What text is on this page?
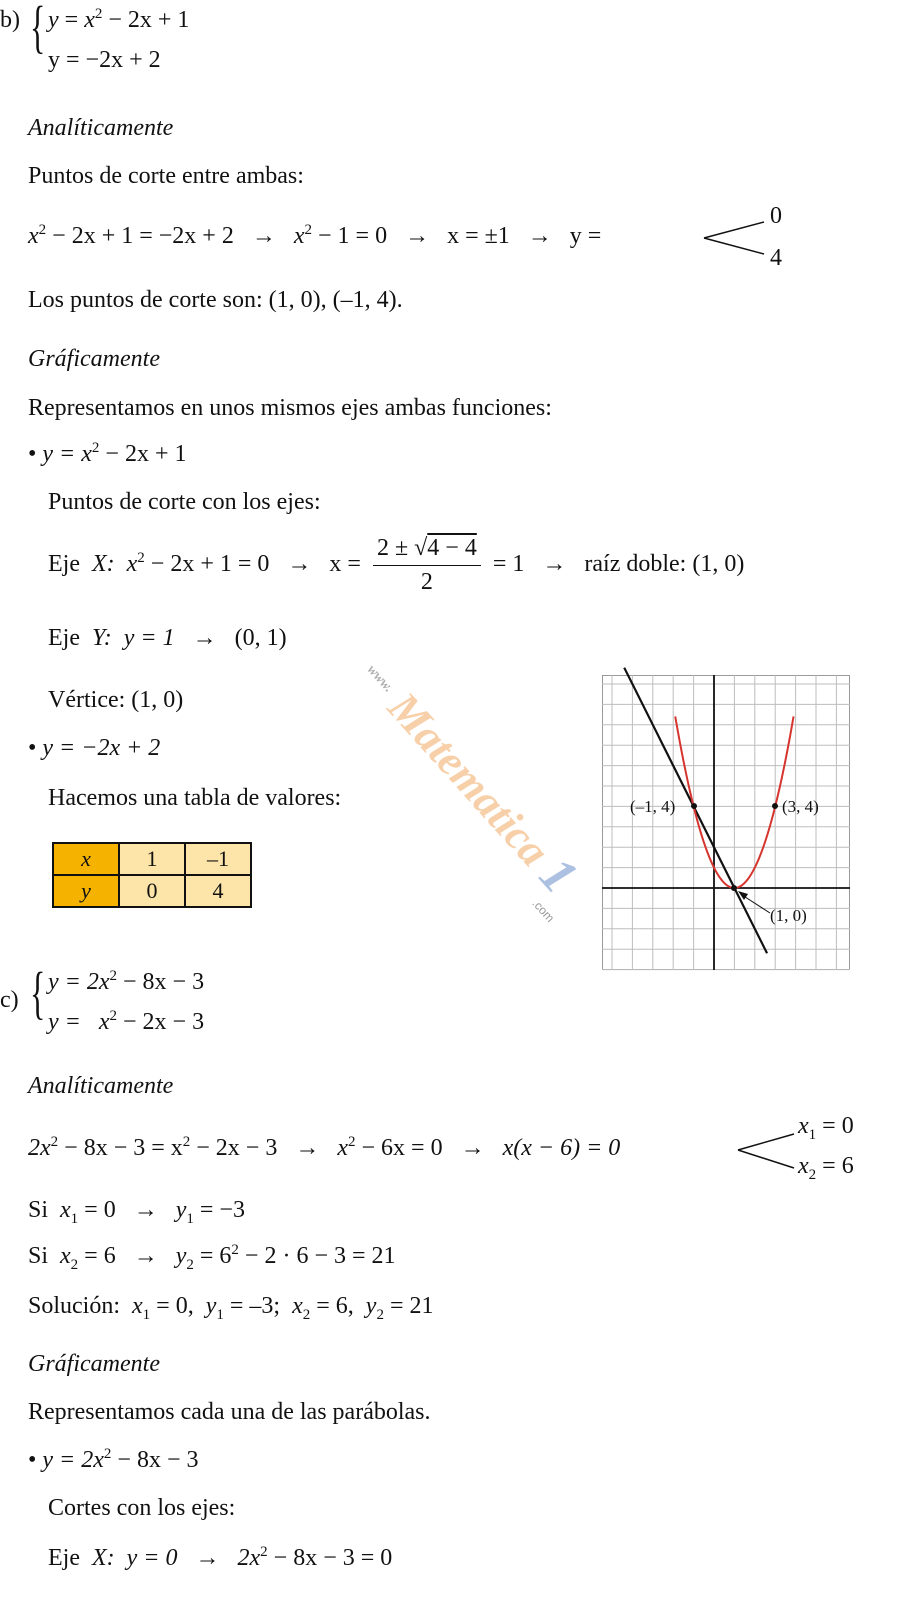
b) { $y = x^2 - 2x + 1$
y = −2x + 2
Analíticamente
Puntos de corte entre ambas:
$x^2 - 2x + 1 = -2x + 2 \to x^2 - 1 = 0 \to x = \pm 1 \to y$ =
0
4
Los puntos de corte son: (1, 0), (–1, 4).
Gráficamente
Representamos en unos mismos ejes ambas funciones:
• $y = x^2 - 2x + 1$
Puntos de corte con los ejes:
Eje X: $x^2 - 2x + 1 = 0 \to x = \frac{2 \pm √4 - 4}{2} = 1$ → raíz doble: (1, 0)
Eje Y: y = 1 → (0, 1)
Vértice: (1, 0)
• y = −2x + 2
Hacemos una tabla de valores:
x	1	–1
y	0	4
www.
Matematica
1
.com
(–1, 4)	(3, 4)
(1, 0)
c) { $y = 2x^2 - 8x - 3$
$y = x^2 - 2x - 3$
Analíticamente
$2x^2 - 8x - 3 = x^2 - 2x - 3 \to x^2 - 6x = 0 \to x(x - 6) = 0$
$x_1 = 0$
$x_2 = 6$
Si $x_1 = 0 \to y_1 = -3$
Si $x_2 = 6 \to y_2 = 6^2 - 2 \cdot 6 - 3 = 21$
Solución: $x_1 = 0$, $y_1 = -3$; $x_2 = 6$, $y_2 = 21$
Gráficamente
Representamos cada una de las parábolas.
• $y = 2x^2 - 8x - 3$
Cortes con los ejes:
Eje X: $y = 0 \to 2x^2 - 8x - 3 = 0$
